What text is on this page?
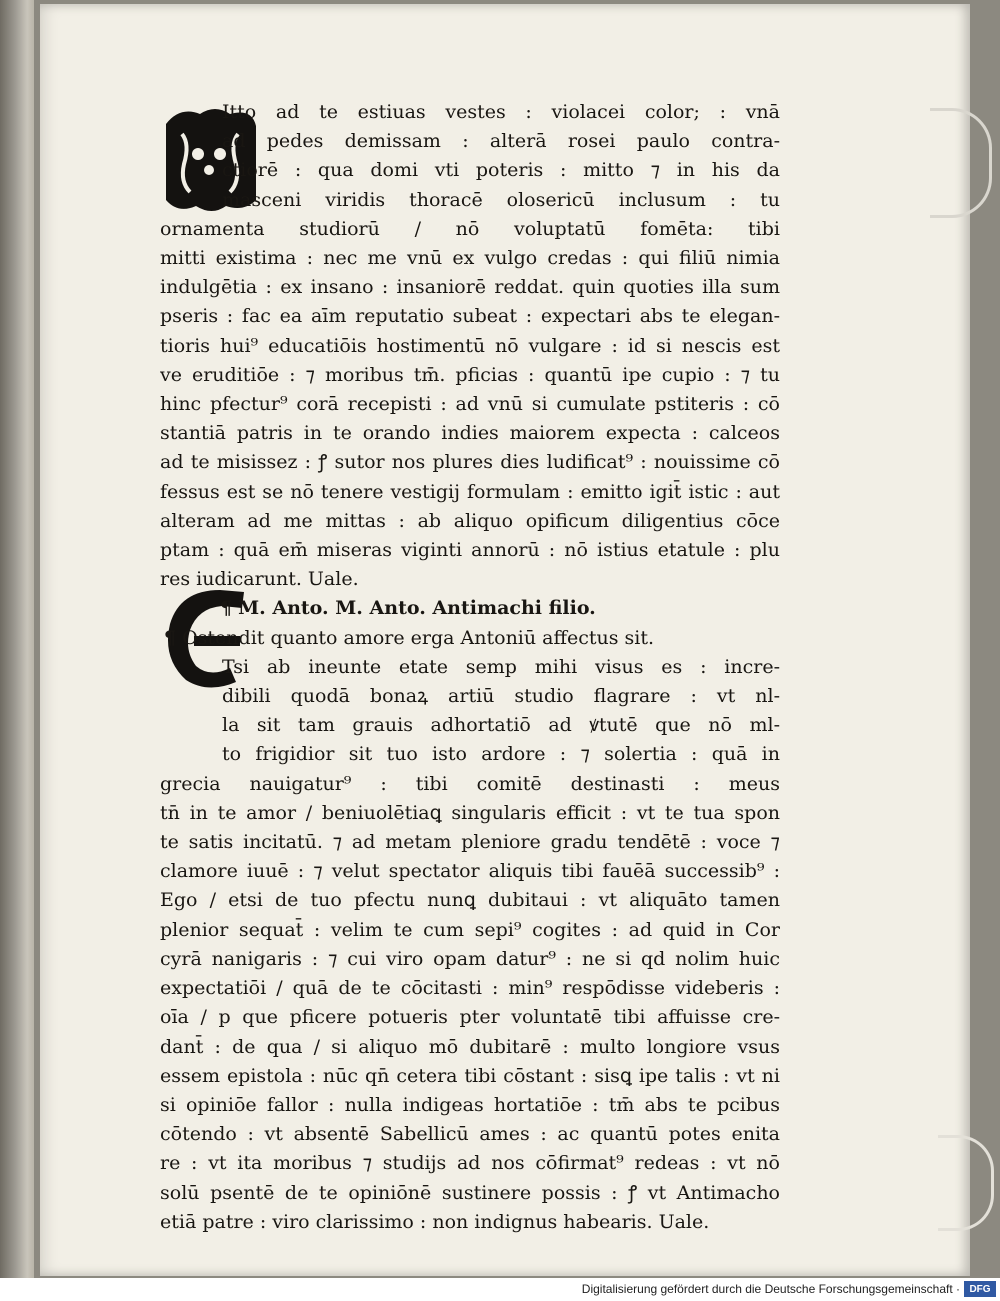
Itto ad te estiuas vestes : violacei color; : vnā
ad pedes demissam : alterā rosei paulo contra-
ctiorē : qua domi vti poteris : mitto ⁊ in his da
masceni viridis thoracē olosericū inclusum : tu
ornamenta studiorū / nō voluptatū fomēta: tibi
mitti existima : nec me vnū ex vulgo credas : qui filiū nimia
indulgētia : ex insano : insaniorē reddat. quin quoties illa sum
pseris : fac ea aīm reputatio subeat : expectari abs te elegan-
tioris hui⁹ educatiōis hostimentū nō vulgare : id si nescis est
ve eruditiōe : ⁊ moribus tm̄. pficias : quantū ipe cupio : ⁊ tu
hinc pfectur⁹ corā recepisti : ad vnū si cumulate pstiteris : cō
stantiā patris in te orando indies maiorem expecta : calceos
ad te misissez : ꝭ sutor nos plures dies ludificat⁹ : nouissime cō
fessus est se nō tenere vestigij formulam : emitto igit̄ istic : aut
alteram ad me mittas : ab aliquo opificum diligentius cōce
ptam : quā em̄ miseras viginti annorū : nō istius etatule : plu
res iudicarunt. Uale.
¶ M. Anto. M. Anto. Antimachi filio.
¶ Ostendit quanto amore erga Antoniū affectus sit.
Tsi ab ineunte etate semp mihi visus es : incre-
dibili quodā bonaꝝ artiū studio flagrare : vt nl-
la sit tam grauis adhortatiō ad ꝟtutē que nō ml-
to frigidior sit tuo isto ardore : ⁊ solertia : quā in
grecia nauigatur⁹ : tibi comitē destinasti : meus
tn̄ in te amor / beniuolētiaꝗ singularis efficit : vt te tua spon
te satis incitatū. ⁊ ad metam pleniore gradu tendētē : voce ⁊
clamore iuuē : ⁊ velut spectator aliquis tibi fauēā successib⁹ :
Ego / etsi de tuo pfectu nunꝗ dubitaui : vt aliquāto tamen
plenior sequat̄ : velim te cum sepi⁹ cogites : ad quid in Cor
cyrā nanigaris : ⁊ cui viro opam datur⁹ : ne si qd nolim huic
expectatiōi / quā de te cōcitasti : min⁹ respōdisse videberis :
oīa / p que pficere potueris pter voluntatē tibi affuisse cre-
dant̄ : de qua / si aliquo mō dubitarē : multo longiore vsus
essem epistola : nūc qn̄ cetera tibi cōstant : sisꝗ ipe talis : vt ni
si opiniōe fallor : nulla indigeas hortatiōe : tm̄ abs te pcibus
cōtendo : vt absentē Sabellicū ames : ac quantū potes enita
re : vt ita moribus ⁊ studijs ad nos cōfirmat⁹ redeas : vt nō
solū psentē de te opiniōnē sustinere possis : ꝭ vt Antimacho
etiā patre : viro clarissimo : non indignus habearis. Uale.
Digitalisierung gefördert durch die Deutsche Forschungsgemeinschaft · DFG
